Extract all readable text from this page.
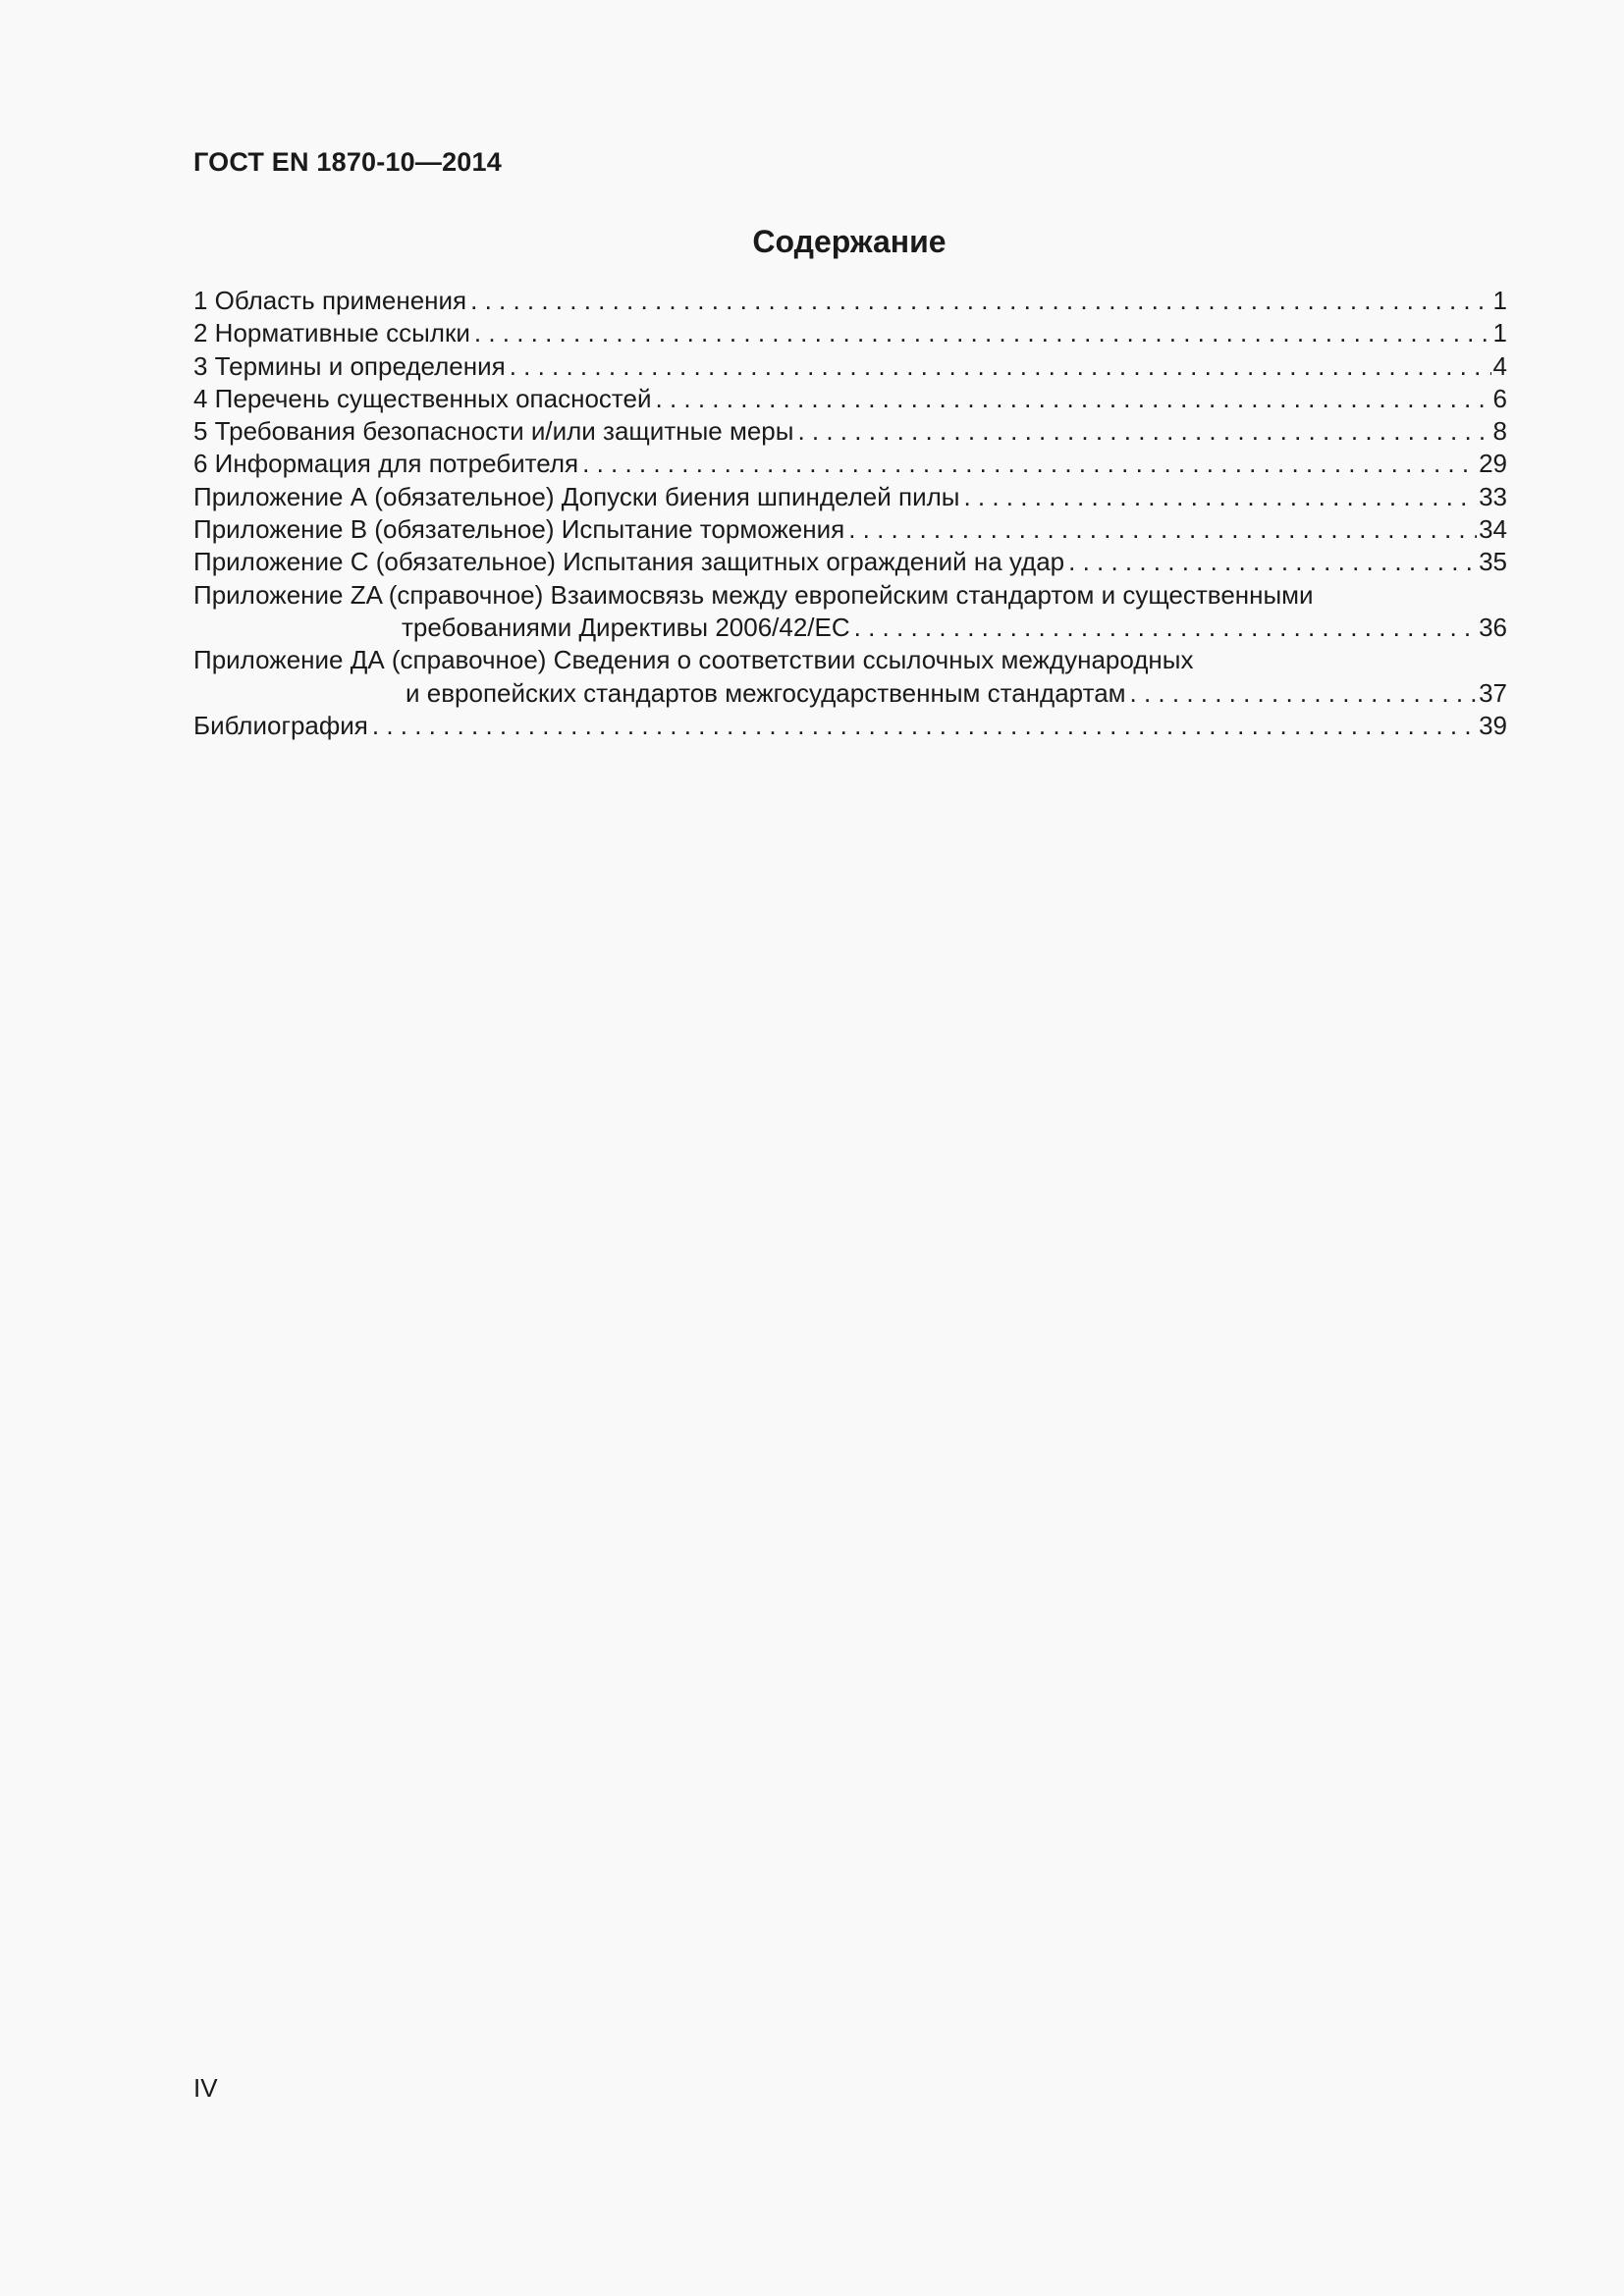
ГОСТ EN 1870-10—2014
Содержание
1 Область применения . . .	1
2 Нормативные ссылки . . .	1
3 Термины и определения . . .	4
4 Перечень существенных опасностей . . .	6
5 Требования безопасности и/или защитные меры . . .	8
6 Информация для потребителя . . .	29
Приложение А (обязательное) Допуски биения шпинделей пилы . . .	33
Приложение В (обязательное) Испытание торможения . . .	34
Приложение С (обязательное) Испытания защитных ограждений на удар . . .	35
Приложение ZA (справочное) Взаимосвязь между европейским стандартом и существенными
требованиями Директивы 2006/42/ЕС . . .	36
Приложение ДА (справочное) Сведения о соответствии ссылочных международных
и европейских стандартов межгосударственным стандартам . . .	37
Библиография . . .	39
IV
